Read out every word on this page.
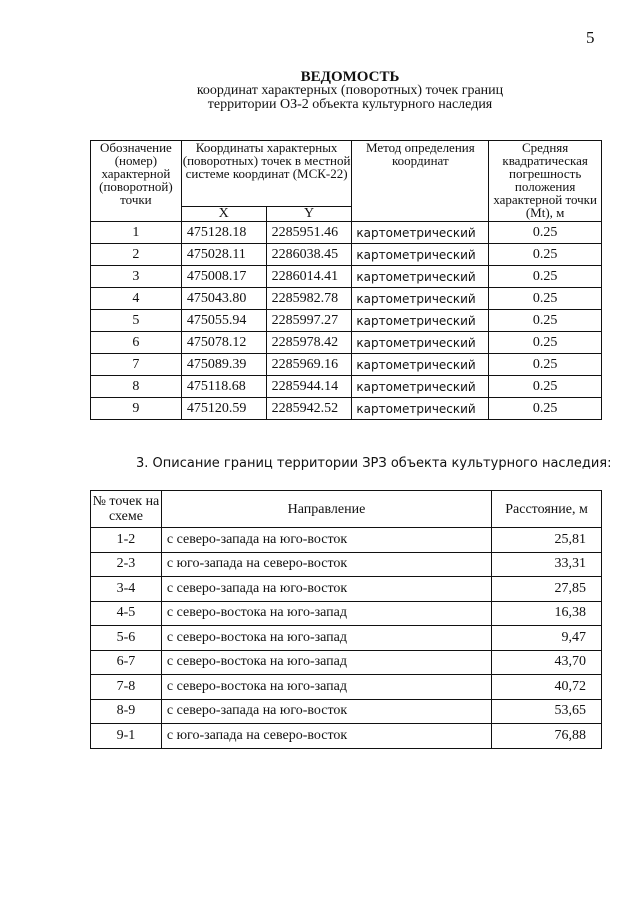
5
ВЕДОМОСТЬ
координат характерных (поворотных) точек границ
территории ОЗ-2 объекта культурного наследия
Обозначение (номер) характерной (поворотной) точки	Координаты характерных (поворотных) точек в местной системе координат (МСК-22)		Метод определения координат	Средняя квадратическая погрешность положения характерной точки (Mt), м
	X	Y		
1	475128.18	2285951.46	картометрический	0.25
2	475028.11	2286038.45	картометрический	0.25
3	475008.17	2286014.41	картометрический	0.25
4	475043.80	2285982.78	картометрический	0.25
5	475055.94	2285997.27	картометрический	0.25
6	475078.12	2285978.42	картометрический	0.25
7	475089.39	2285969.16	картометрический	0.25
8	475118.68	2285944.14	картометрический	0.25
9	475120.59	2285942.52	картометрический	0.25
3. Описание границ территории ЗРЗ объекта культурного наследия:
№ точек на схеме	Направление	Расстояние, м
1-2	с северо-запада на юго-восток	25,81
2-3	с юго-запада на северо-восток	33,31
3-4	с северо-запада на юго-восток	27,85
4-5	с северо-востока на юго-запад	16,38
5-6	с северо-востока на юго-запад	9,47
6-7	с северо-востока на юго-запад	43,70
7-8	с северо-востока на юго-запад	40,72
8-9	с северо-запада на юго-восток	53,65
9-1	с юго-запада на северо-восток	76,88
